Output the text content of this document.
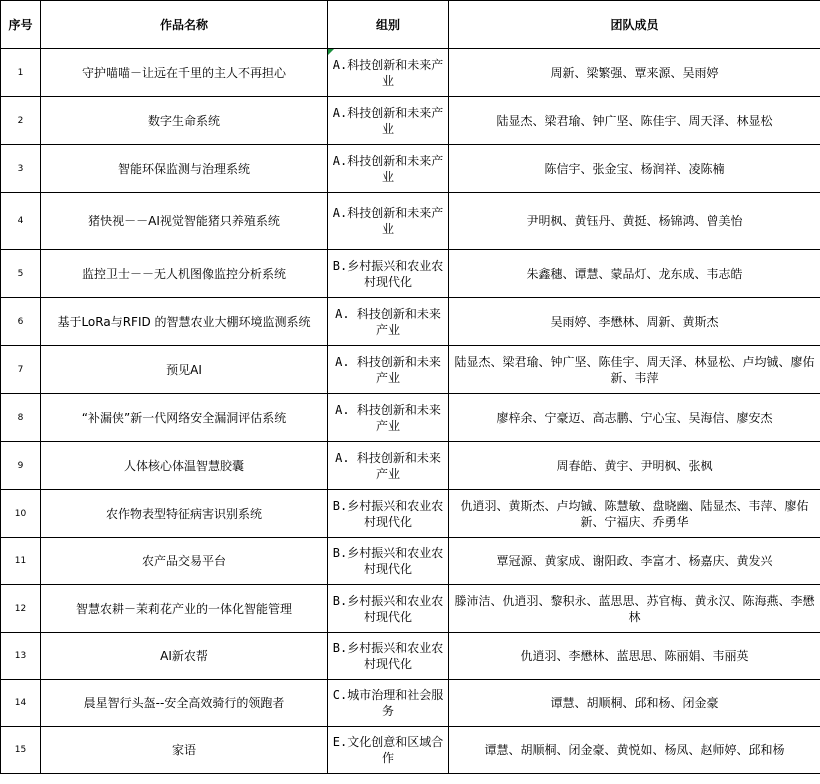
序号	作品名称	组别	团队成员
1	守护喵喵－让远在千里的主人不再担心	A.科技创新和未来产业	周新、梁繁强、覃来源、吴雨婷
2	数字生命系统	A.科技创新和未来产业	陆显杰、梁君瑜、钟广坚、陈佳宇、周天泽、林显松
3	智能环保监测与治理系统	A.科技创新和未来产业	陈信宇、张金宝、杨润祥、凌陈楠
4	猪快视－－AI视觉智能猪只养殖系统	A.科技创新和未来产业	尹明枫、黄钰丹、黄挺、杨锦鸿、曾美怡
5	监控卫士－－无人机图像监控分析系统	B.乡村振兴和农业农村现代化	朱鑫穗、谭慧、蒙品灯、龙东成、韦志皓
6	基于LoRa与RFID 的智慧农业大棚环境监测系统	A. 科技创新和未来产业	吴雨婷、李懋林、周新、黄斯杰
7	预见AI	A. 科技创新和未来产业	陆显杰、梁君瑜、钟广坚、陈佳宇、周天泽、林显松、卢均铖、廖佑新、韦萍
8	“补漏侠”新一代网络安全漏洞评估系统	A. 科技创新和未来产业	廖梓余、宁豪迈、高志鹏、宁心宝、吴海信、廖安杰
9	人体核心体温智慧胶囊	A. 科技创新和未来产业	周春皓、黄宇、尹明枫、张枫
10	农作物表型特征病害识别系统	B.乡村振兴和农业农村现代化	仇逍羽、黄斯杰、卢均铖、陈慧敏、盘晓幽、陆显杰、韦萍、廖佑新、宁福庆、乔勇华
11	农产品交易平台	B.乡村振兴和农业农村现代化	覃冠源、黄家成、谢阳政、李富才、杨嘉庆、黄发兴
12	智慧农耕－茉莉花产业的一体化智能管理	B.乡村振兴和农业农村现代化	滕沛洁、仇逍羽、黎积永、蓝思思、苏官梅、黄永汉、陈海燕、李懋林
13	AI新农帮	B.乡村振兴和农业农村现代化	仇逍羽、李懋林、蓝思思、陈丽娟、韦丽英
14	晨星智行头盔--安全高效骑行的领跑者	C.城市治理和社会服务	谭慧、胡顺桐、邱和杨、闭金豪
15	家语	E.文化创意和区域合作	谭慧、胡顺桐、闭金豪、黄悦如、杨凤、赵师婷、邱和杨
